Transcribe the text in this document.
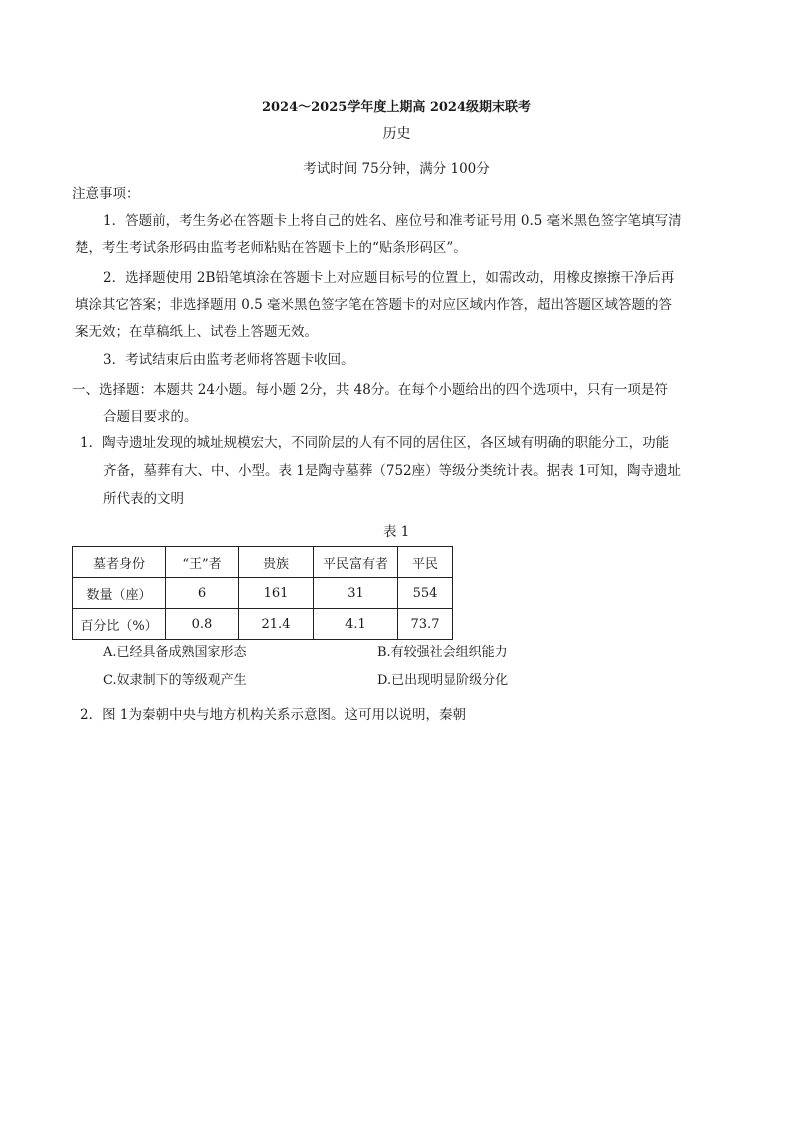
2024～2025学年度上期高 2024级期末联考
历史
考试时间 75分钟，满分 100分
注意事项：
1．答题前，考生务必在答题卡上将自己的姓名、座位号和准考证号用 0.5 毫米黑色签字笔填写清
楚，考生考试条形码由监考老师粘贴在答题卡上的“贴条形码区”。
2．选择题使用 2B铅笔填涂在答题卡上对应题目标号的位置上，如需改动，用橡皮擦擦干净后再
填涂其它答案；非选择题用 0.5 毫米黑色签字笔在答题卡的对应区域内作答，超出答题区域答题的答
案无效；在草稿纸上、试卷上答题无效。
3．考试结束后由监考老师将答题卡收回。
一、选择题：本题共 24小题。每小题 2分，共 48分。在每个小题给出的四个选项中，只有一项是符
合题目要求的。
1．陶寺遗址发现的城址规模宏大，不同阶层的人有不同的居住区，各区域有明确的职能分工，功能
齐备，墓葬有大、中、小型。表 1是陶寺墓葬（752座）等级分类统计表。据表 1可知，陶寺遗址
所代表的文明
表 1
墓者身份	“王”者	贵族	平民富有者	平民
数量（座）	6	161	31	554
百分比（%）	0.8	21.4	4.1	73.7
A.已经具备成熟国家形态	B.有较强社会组织能力
C.奴隶制下的等级观产生	D.已出现明显阶级分化
2．图 1为秦朝中央与地方机构关系示意图。这可用以说明，秦朝
